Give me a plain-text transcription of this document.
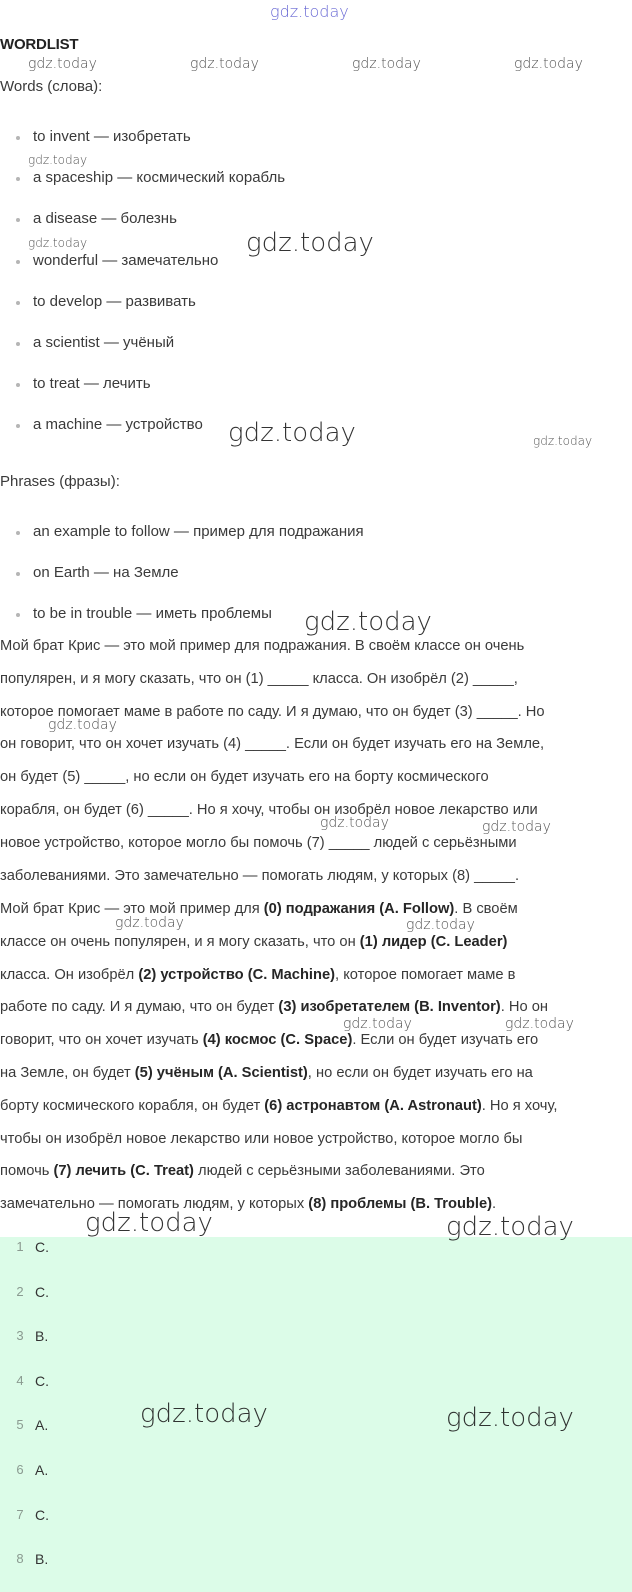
WORDLIST
Words (слова):
to invent — изобретать
a spaceship — космический корабль
a disease — болезнь
wonderful — замечательно
to develop — развивать
a scientist — учёный
to treat — лечить
a machine — устройство
Phrases (фразы):
an example to follow — пример для подражания
on Earth — на Земле
to be in trouble — иметь проблемы
Мой брат Крис — это мой пример для подражания. В своём классе он очень
популярен, и я могу сказать, что он (1) _____ класса. Он изобрёл (2) _____,
которое помогает маме в работе по саду. И я думаю, что он будет (3) _____. Но
он говорит, что он хочет изучать (4) _____. Если он будет изучать его на Земле,
он будет (5) _____, но если он будет изучать его на борту космического
корабля, он будет (6) _____. Но я хочу, чтобы он изобрёл новое лекарство или
новое устройство, которое могло бы помочь (7) _____ людей с серьёзными
заболеваниями. Это замечательно — помогать людям, у которых (8) _____.
Мой брат Крис — это мой пример для (0) подражания (A. Follow). В своём
классе он очень популярен, и я могу сказать, что он (1) лидер (C. Leader)
класса. Он изобрёл (2) устройство (C. Machine), которое помогает маме в
работе по саду. И я думаю, что он будет (3) изобретателем (B. Inventor). Но он
говорит, что он хочет изучать (4) космос (C. Space). Если он будет изучать его
на Земле, он будет (5) учёным (A. Scientist), но если он будет изучать его на
борту космического корабля, он будет (6) астронавтом (A. Astronaut). Но я хочу,
чтобы он изобрёл новое лекарство или новое устройство, которое могло бы
помочь (7) лечить (C. Treat) людей с серьёзными заболеваниями. Это
замечательно — помогать людям, у которых (8) проблемы (B. Trouble).
1 C.
2 C.
3 B.
4 C.
5 A.
6 A.
7 C.
8 B.
gdz.today
gdz.today	gdz.today	gdz.today	gdz.today
gdz.today
gdz.today	gdz.today
gdz.today	gdz.today
gdz.today
gdz.today
gdz.today	gdz.today
gdz.today	gdz.today
gdz.today	gdz.today
gdz.today	gdz.today
gdz.today	gdz.today
